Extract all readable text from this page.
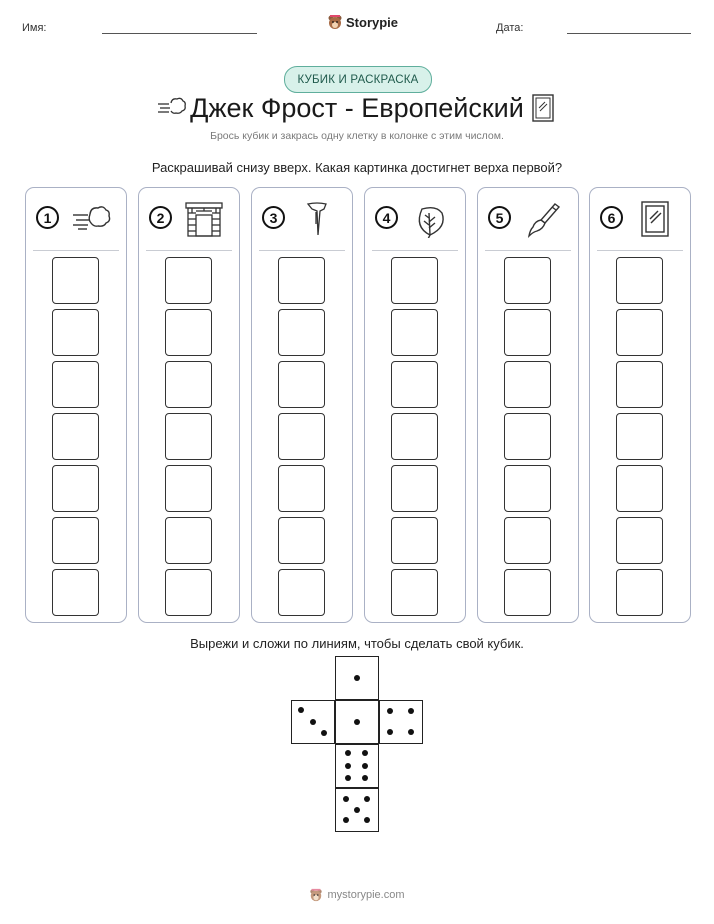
Имя:	Storypie	Дата:
КУБИК И РАСКРАСКА
Джек Фрост - Европейский
Брось кубик и закрась одну клетку в колонке с этим числом.
Раскрашивай снизу вверх. Какая картинка достигнет верха первой?
1	2	3	4	5	6
Вырежи и сложи по линиям, чтобы сделать свой кубик.
mystorypie.com
